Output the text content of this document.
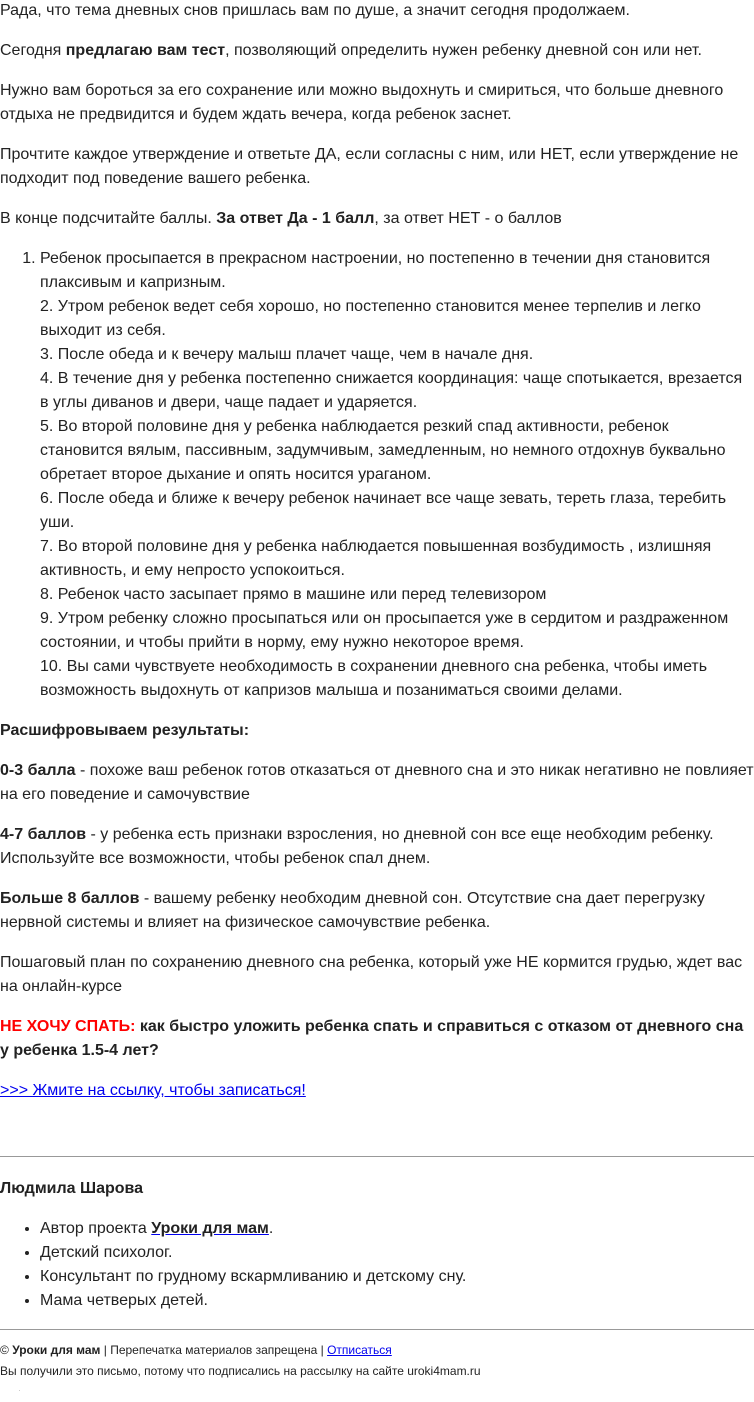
Рада, что тема дневных снов пришлась вам по душе, а значит сегодня продолжаем.

Сегодня предлагаю вам тест, позволяющий определить нужен ребенку дневной сон или нет.

Нужно вам бороться за его сохранение или можно выдохнуть и смириться, что больше дневного отдыха не предвидится и будем ждать вечера, когда ребенок заснет.

Прочтите каждое утверждение и ответьте ДА, если согласны с ним, или НЕТ, если утверждение не подходит под поведение вашего ребенка.

В конце подсчитайте баллы. За ответ Да - 1 балл, за ответ НЕТ - о баллов

1. Ребенок просыпается в прекрасном настроении, но постепенно в течении дня становится плаксивым и капризным.
2. Утром ребенок ведет себя хорошо, но постепенно становится менее терпелив и легко выходит из себя.
3. После обеда и к вечеру малыш плачет чаще, чем в начале дня.
4. В течение дня у ребенка постепенно снижается координация: чаще спотыкается, врезается в углы диванов и двери, чаще падает и ударяется.
5. Во второй половине дня у ребенка наблюдается резкий спад активности, ребенок становится вялым, пассивным, задумчивым, замедленным, но немного отдохнув буквально обретает второе дыхание и опять носится ураганом.
6. После обеда и ближе к вечеру ребенок начинает все чаще зевать, тереть глаза, теребить уши.
7. Во второй половине дня у ребенка наблюдается повышенная возбудимость , излишняя активность, и ему непросто успокоиться.
8. Ребенок часто засыпает прямо в машине или перед телевизором
9. Утром ребенку сложно просыпаться или он просыпается уже в сердитом и раздраженном состоянии, и чтобы прийти в норму, ему нужно некоторое время.
10. Вы сами чувствуете необходимость в сохранении дневного сна ребенка, чтобы иметь возможность выдохнуть от капризов малыша и позаниматься своими делами.

Расшифровываем результаты:

0-3 балла - похоже ваш ребенок готов отказаться от дневного сна и это никак негативно не повлияет на его поведение и самочувствие

4-7 баллов - у ребенка есть признаки взросления, но дневной сон все еще необходим ребенку. Используйте все возможности, чтобы ребенок спал днем.

Больше 8 баллов - вашему ребенку необходим дневной сон. Отсутствие сна дает перегрузку нервной системы и влияет на физическое самочувствие ребенка.

Пошаговый план по сохранению дневного сна ребенка, который уже НЕ кормится грудью, ждет вас на онлайн-курсе

НЕ ХОЧУ СПАТЬ: как быстро уложить ребенка спать и справиться с отказом от дневного сна у ребенка 1.5-4 лет?

>>> Жмите на ссылку, чтобы записаться!

Людмила Шарова
• Автор проекта Уроки для мам.
• Детский психолог.
• Консультант по грудному вскармливанию и детскому сну.
• Мама четверых детей.
© Уроки для мам | Перепечатка материалов запрещена | Отписаться
Вы получили это письмо, потому что подписались на рассылку на сайте uroki4mam.ru
